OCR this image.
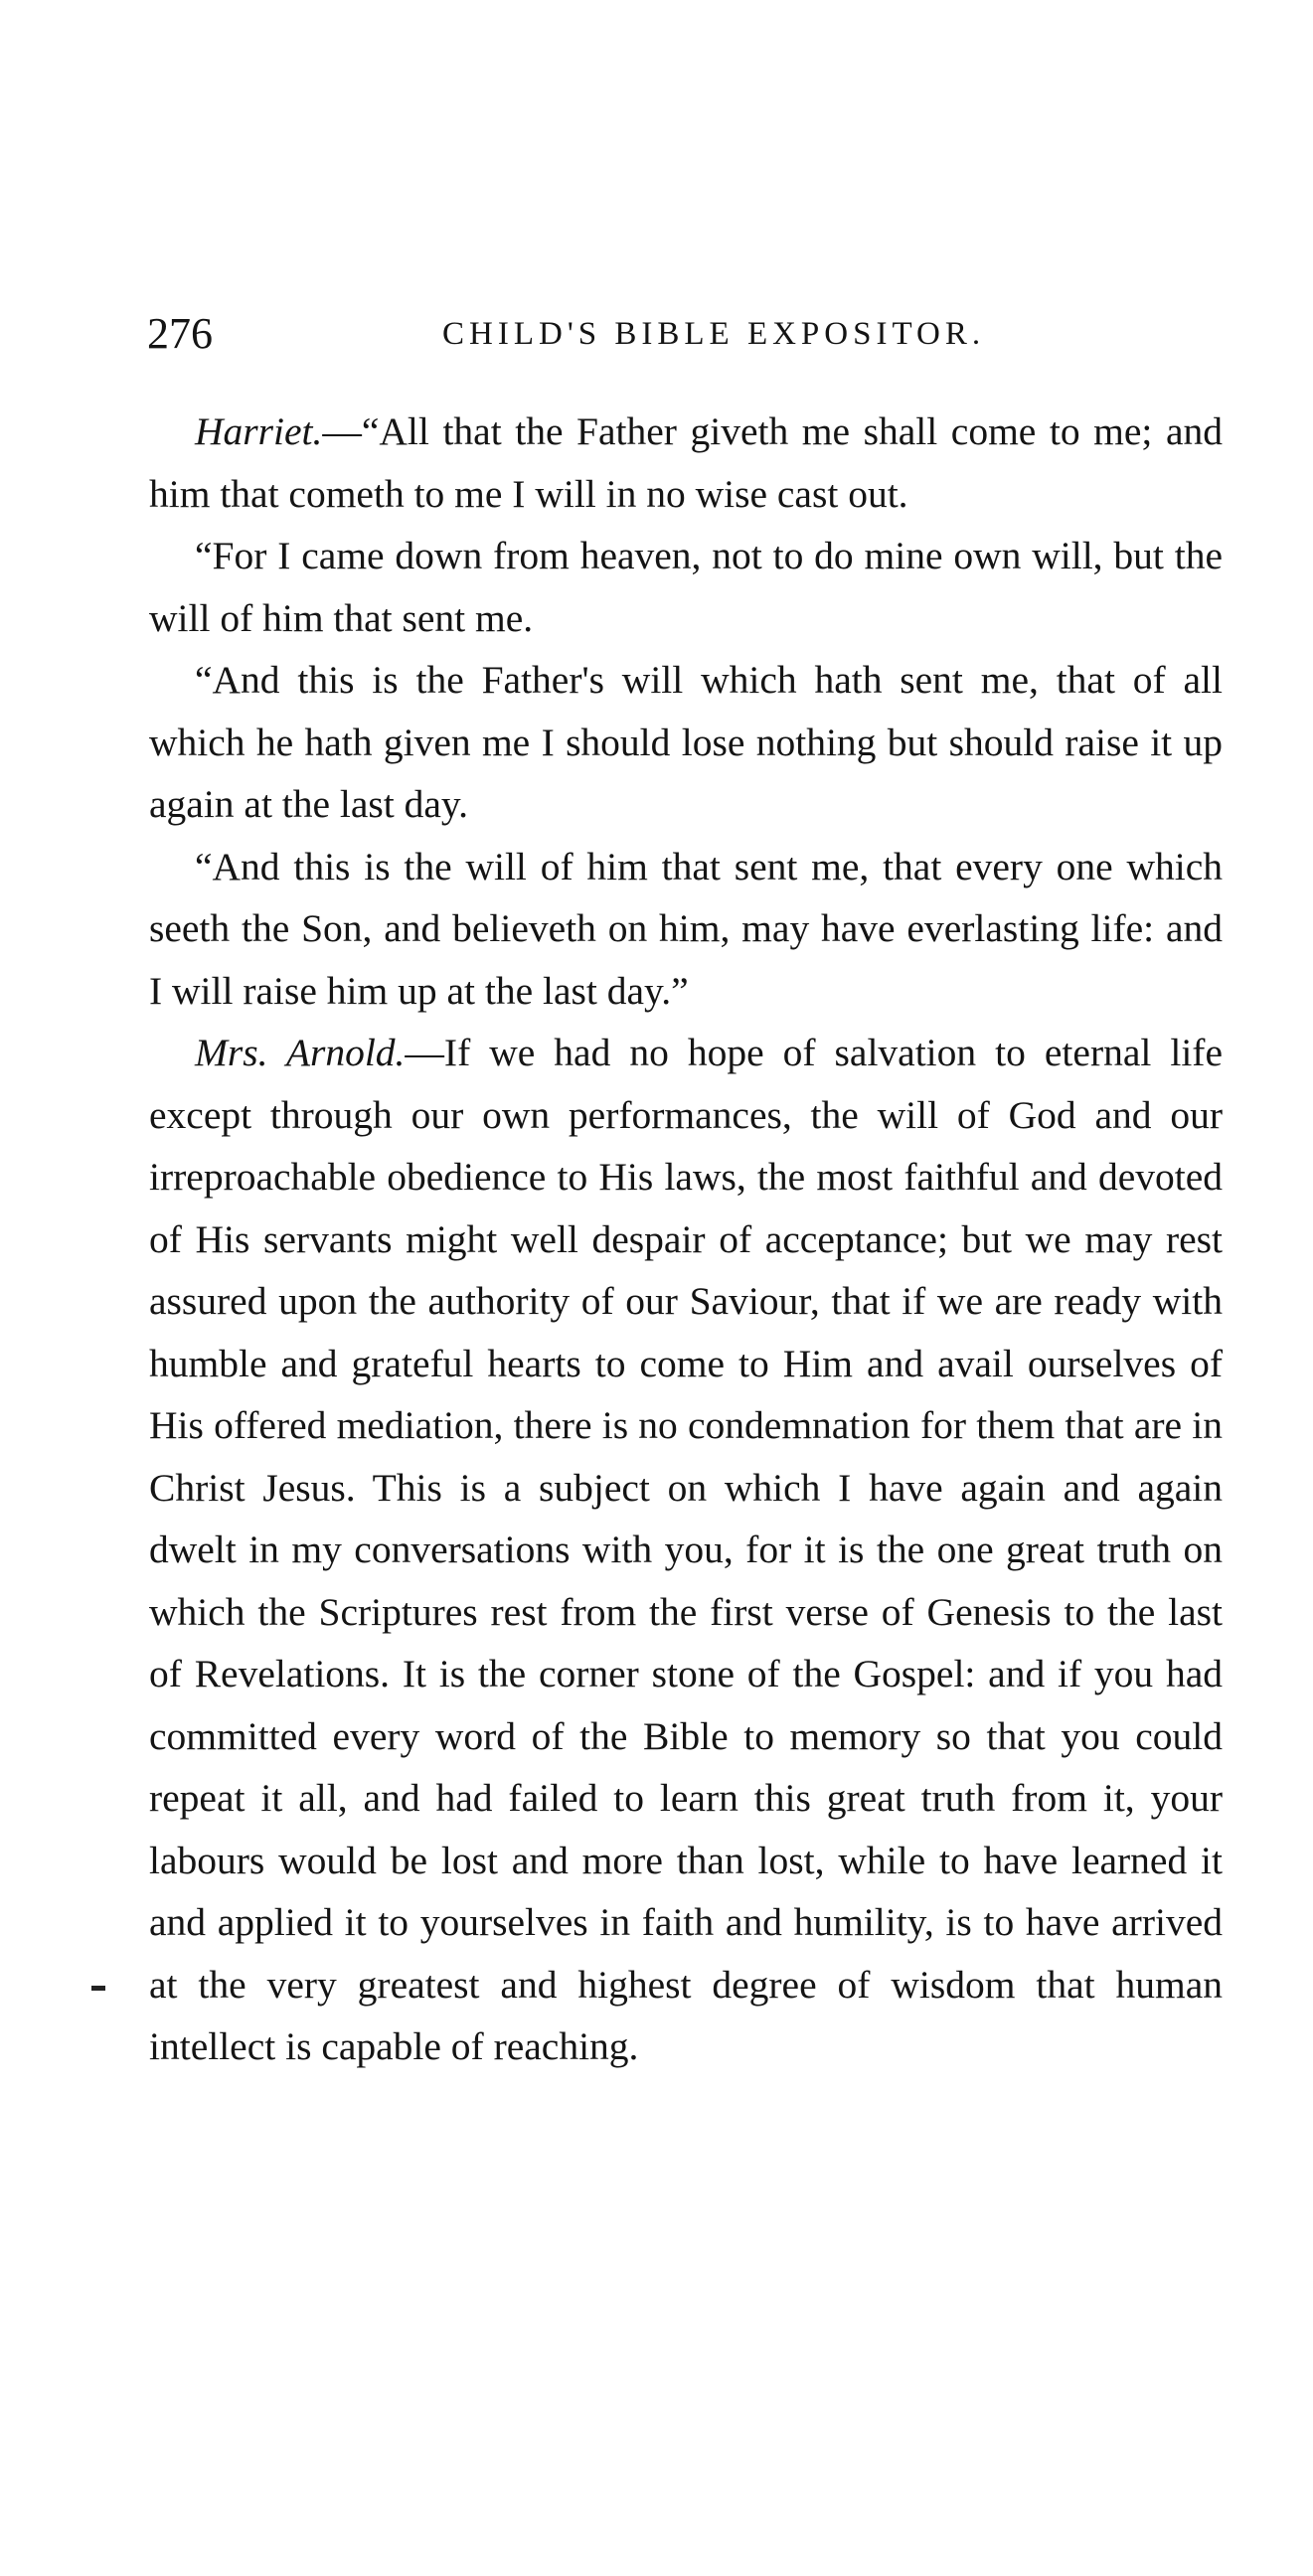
276	CHILD'S BIBLE EXPOSITOR.

Harriet.—“All that the Father giveth me shall come to me; and him that cometh to me I will in no wise cast out.

“For I came down from heaven, not to do mine own will, but the will of him that sent me.

“And this is the Father's will which hath sent me, that of all which he hath given me I should lose nothing but should raise it up again at the last day.

“And this is the will of him that sent me, that every one which seeth the Son, and believeth on him, may have everlasting life: and I will raise him up at the last day.”

Mrs. Arnold.—If we had no hope of salvation to eternal life except through our own performances, the will of God and our irreproachable obedience to His laws, the most faithful and devoted of His servants might well despair of acceptance; but we may rest assured upon the authority of our Saviour, that if we are ready with humble and grateful hearts to come to Him and avail ourselves of His offered mediation, there is no condemnation for them that are in Christ Jesus. This is a subject on which I have again and again dwelt in my conversations with you, for it is the one great truth on which the Scriptures rest from the first verse of Genesis to the last of Revelations. It is the corner stone of the Gospel: and if you had committed every word of the Bible to memory so that you could repeat it all, and had failed to learn this great truth from it, your labours would be lost and more than lost, while to have learned it and applied it to yourselves in faith and humility, is to have arrived at the very greatest and highest degree of wisdom that human intellect is capable of reaching.
